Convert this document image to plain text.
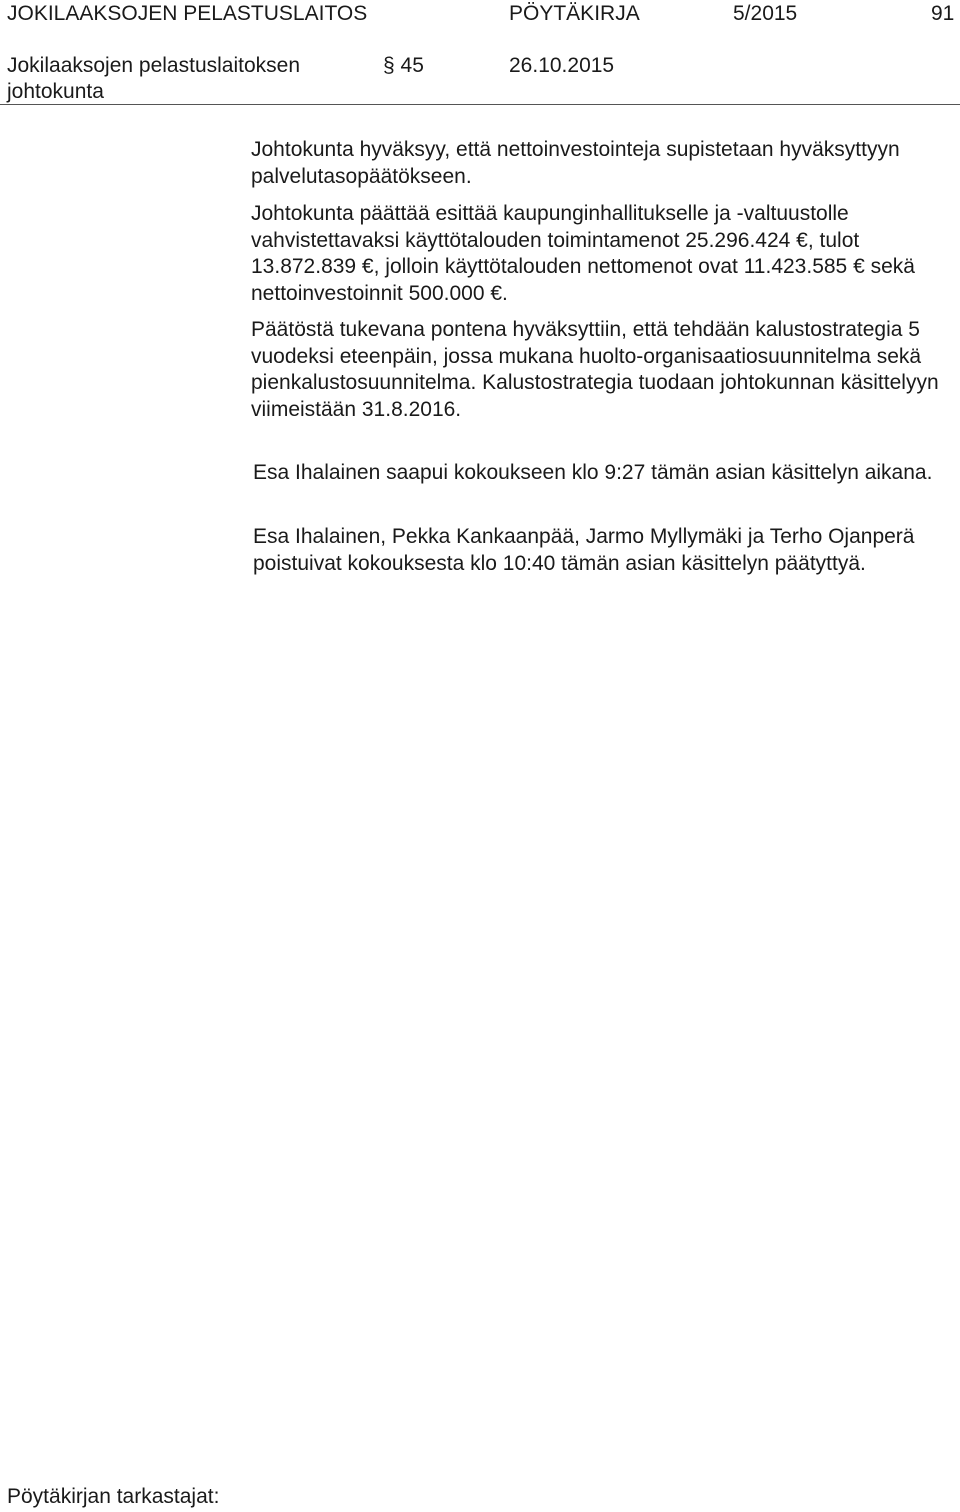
JOKILAAKSOJEN PELASTUSLAITOS	PÖYTÄKIRJA	5/2015	91
Jokilaaksojen pelastuslaitoksen
johtokunta
§ 45	26.10.2015
Johtokunta hyväksyy, että nettoinvestointeja supistetaan hyväksyttyyn palvelutasopäätökseen.
Johtokunta päättää esittää kaupunginhallitukselle ja -valtuustolle vahvistettavaksi käyttötalouden toimintamenot 25.296.424 €, tulot 13.872.839 €, jolloin käyttötalouden nettomenot ovat 11.423.585 € sekä nettoinvestoinnit 500.000 €.
Päätöstä tukevana pontena hyväksyttiin, että tehdään kalustostrategia 5 vuodeksi eteenpäin, jossa mukana huolto-organisaatiosuunnitelma sekä pienkalustosuunnitelma. Kalustostrategia tuodaan johtokunnan käsittelyyn viimeistään 31.8.2016.
Esa Ihalainen saapui kokoukseen klo 9:27 tämän asian käsittelyn aikana.
Esa Ihalainen, Pekka Kankaanpää, Jarmo Myllymäki ja Terho Ojanperä poistuivat kokouksesta klo 10:40 tämän asian käsittelyn päätyttyä.
Pöytäkirjan tarkastajat:
